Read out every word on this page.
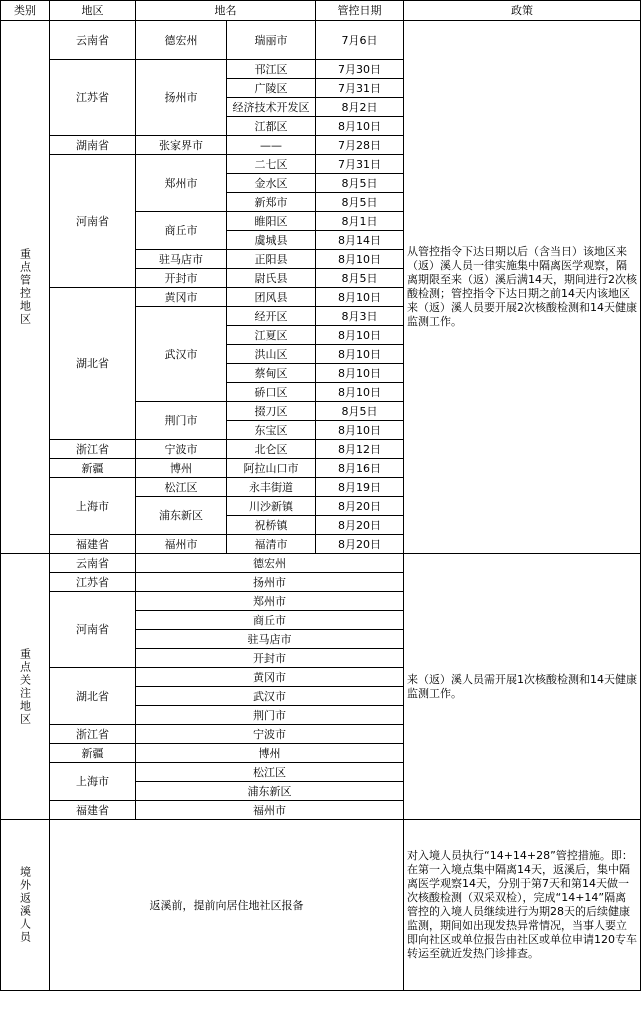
类别	地区	地名		管控日期	政策

重点管控地区	云南省	德宏州	瑞丽市	7月6日	从管控指令下达日期以后（含当日）该地区来（返）溪人员一律实施集中隔离医学观察，隔离期限至来（返）溪后满14天，期间进行2次核酸检测；管控指令下达日期之前14天内该地区来（返）溪人员要开展2次核酸检测和14天健康监测工作。
	江苏省	扬州市	邗江区	7月30日	
			广陵区	7月31日	
			经济技术开发区	8月2日	
			江都区	8月10日	
	湖南省	张家界市	——	7月28日	
	河南省	郑州市	二七区	7月31日	
			金水区	8月5日	
			新郑市	8月5日	
		商丘市	睢阳区	8月1日	
			虞城县	8月14日	
		驻马店市	正阳县	8月10日	
		开封市	尉氏县	8月5日	
	湖北省	黄冈市	团风县	8月10日	
		武汉市	经开区	8月3日	
			江夏区	8月10日	
			洪山区	8月10日	
			蔡甸区	8月10日	
			硚口区	8月10日	
		荆门市	掇刀区	8月5日	
			东宝区	8月10日	
	浙江省	宁波市	北仑区	8月12日	
	新疆	博州	阿拉山口市	8月16日	
	上海市	松江区	永丰街道	8月19日	
		浦东新区	川沙新镇	8月20日	
			祝桥镇	8月20日	
	福建省	福州市	福清市	8月20日	

重点关注地区	云南省	德宏州			来（返）溪人员需开展1次核酸检测和14天健康监测工作。
	江苏省	扬州市			
	河南省	郑州市			
		商丘市			
		驻马店市			
		开封市			
	湖北省	黄冈市			
		武汉市			
		荆门市			
	浙江省	宁波市			
	新疆	博州			
	上海市	松江区			
		浦东新区			
	福建省	福州市			

境外返溪人员	返溪前，提前向居住地社区报备				对入境人员执行“14+14+28”管控措施。即：在第一入境点集中隔离14天，返溪后，集中隔离医学观察14天，分别于第7天和第14天做一次核酸检测（双采双检），完成“14+14”隔离管控的入境人员继续进行为期28天的后续健康监测，期间如出现发热异常情况，当事人要立即向社区或单位报告由社区或单位申请120专车转运至就近发热门诊排查。
